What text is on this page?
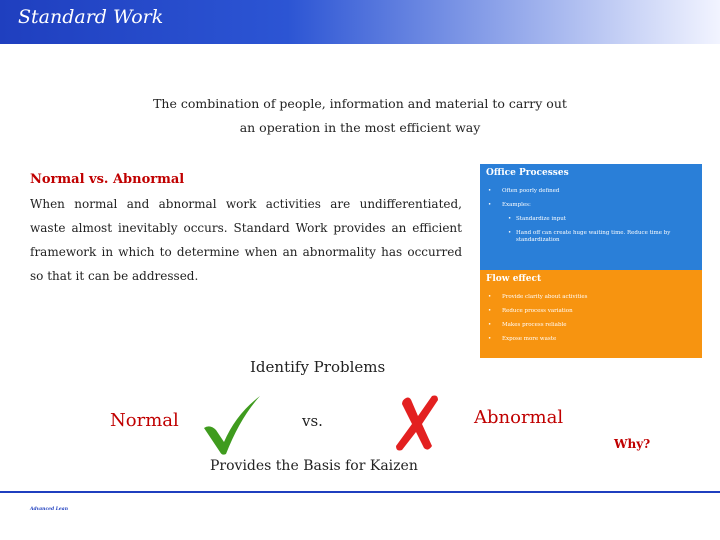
Standard Work
The combination of people, information and material to carry out an operation in the most efficient way
Normal vs. Abnormal
When normal and abnormal work activities are undifferentiated, waste almost inevitably occurs. Standard Work provides an efficient framework in which to determine when an abnormality has occurred so that it can be addressed.
Office Processes
• Often poorly defined
• Examples:
• Standardize input
• Hand off can create huge waiting time. Reduce time by standardization
Flow effect
• Provide clarity about activities
• Reduce process variation
• Makes process reliable
• Expose more waste
Identify Problems
Normal	vs.	Abnormal
Why?
Provides the Basis for Kaizen
Advanced Lean
